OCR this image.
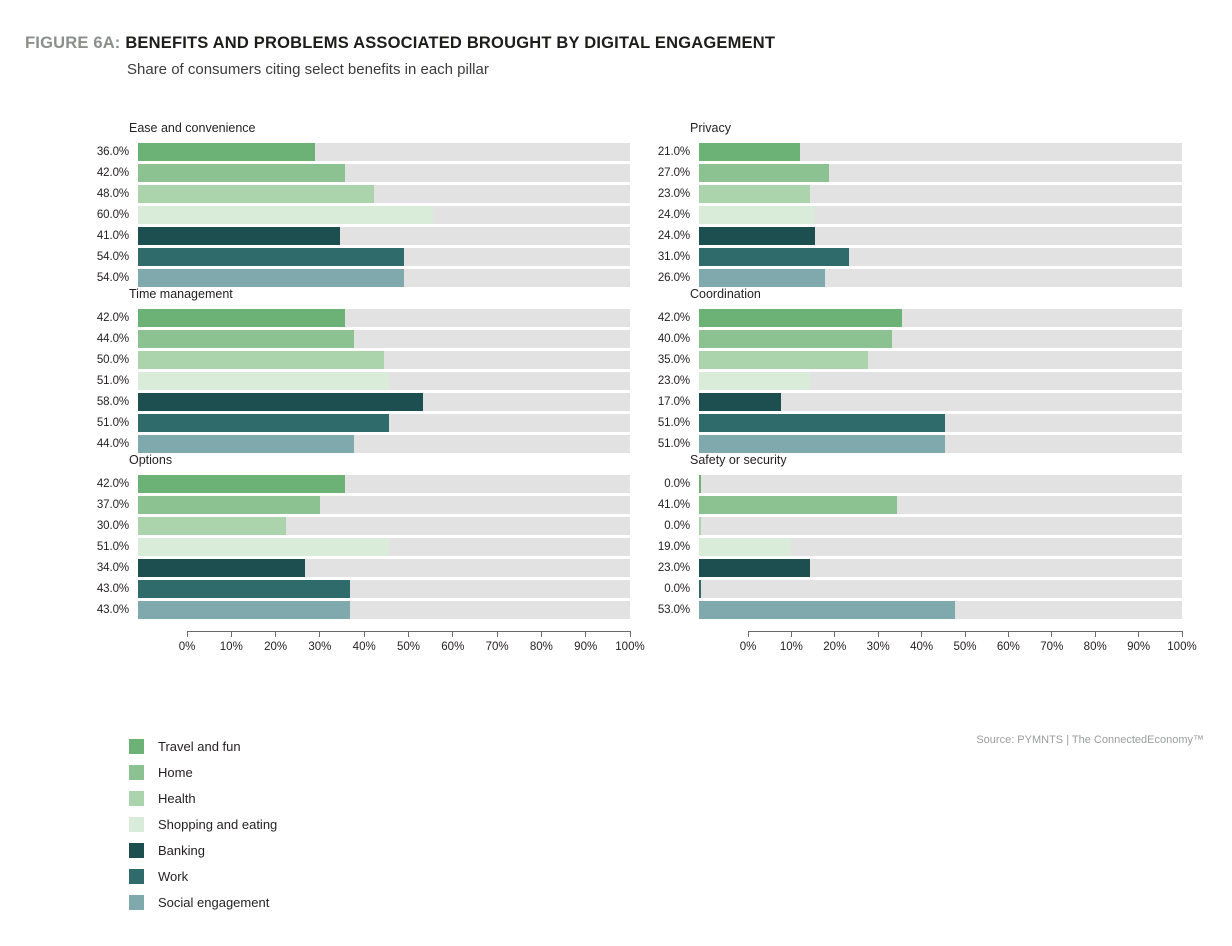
FIGURE 6A: BENEFITS AND PROBLEMS ASSOCIATED BROUGHT BY DIGITAL ENGAGEMENT
Share of consumers citing select benefits in each pillar
Ease and convenience
36.0%
42.0%
48.0%
60.0%
41.0%
54.0%
54.0%
Privacy
21.0%
27.0%
23.0%
24.0%
24.0%
31.0%
26.0%
Time management
42.0%
44.0%
50.0%
51.0%
58.0%
51.0%
44.0%
Coordination
42.0%
40.0%
35.0%
23.0%
17.0%
51.0%
51.0%
Options
42.0%
37.0%
30.0%
51.0%
34.0%
43.0%
43.0%
Safety or security
0.0%
41.0%
0.0%
19.0%
23.0%
0.0%
53.0%
0% 10% 20% 30% 40% 50% 60% 70% 80% 90% 100%	0% 10% 20% 30% 40% 50% 60% 70% 80% 90% 100%
Travel and fun
Home
Health
Shopping and eating
Banking
Work
Social engagement
Source: PYMNTS | The ConnectedEconomy™
